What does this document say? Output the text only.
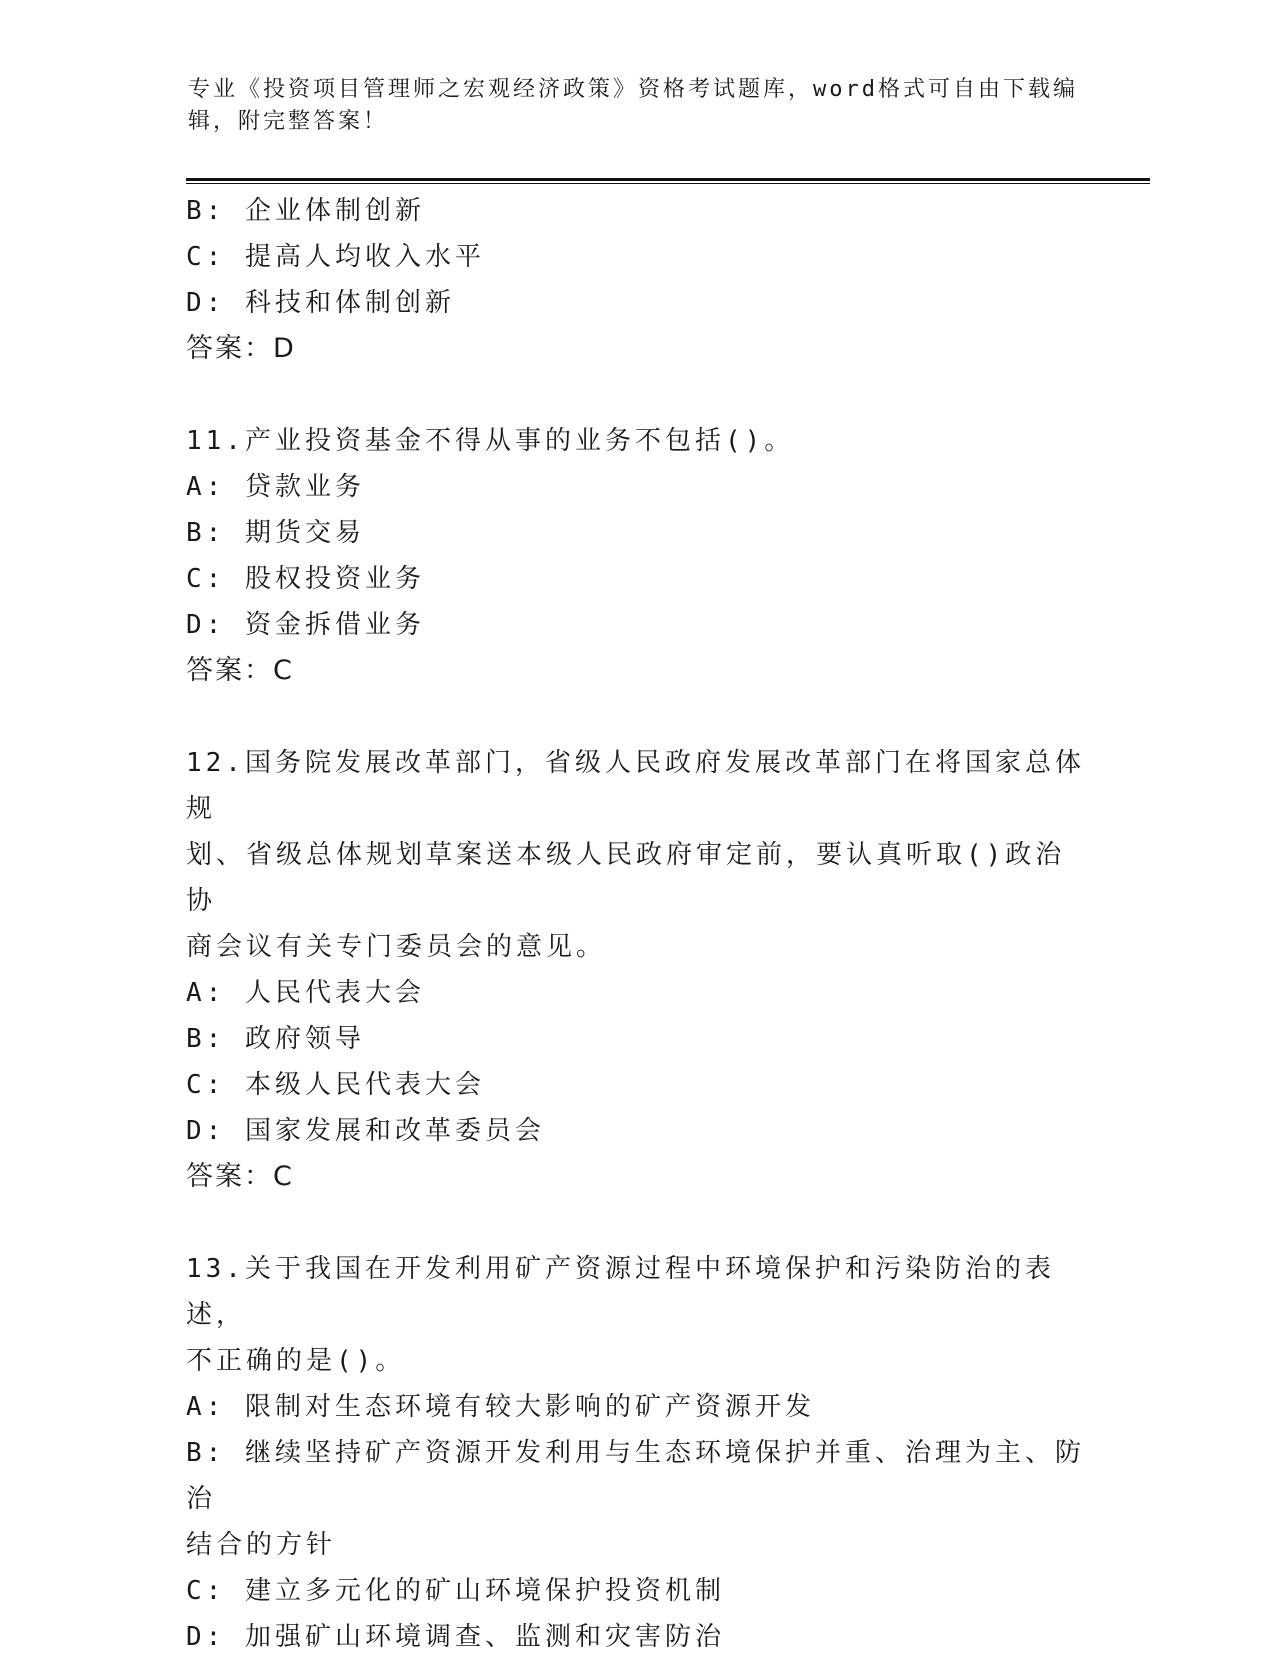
专业《投资项目管理师之宏观经济政策》资格考试题库，word格式可自由下载编辑，附完整答案！
B: 企业体制创新
C: 提高人均收入水平
D: 科技和体制创新
答案：D
11.产业投资基金不得从事的业务不包括()。
A: 贷款业务
B: 期货交易
C: 股权投资业务
D: 资金拆借业务
答案：C
12.国务院发展改革部门，省级人民政府发展改革部门在将国家总体规
划、省级总体规划草案送本级人民政府审定前，要认真听取()政治协
商会议有关专门委员会的意见。
A: 人民代表大会
B: 政府领导
C: 本级人民代表大会
D: 国家发展和改革委员会
答案：C
13.关于我国在开发利用矿产资源过程中环境保护和污染防治的表述，
不正确的是()。
A: 限制对生态环境有较大影响的矿产资源开发
B: 继续坚持矿产资源开发利用与生态环境保护并重、治理为主、防治
结合的方针
C: 建立多元化的矿山环境保护投资机制
D: 加强矿山环境调查、监测和灾害防治
